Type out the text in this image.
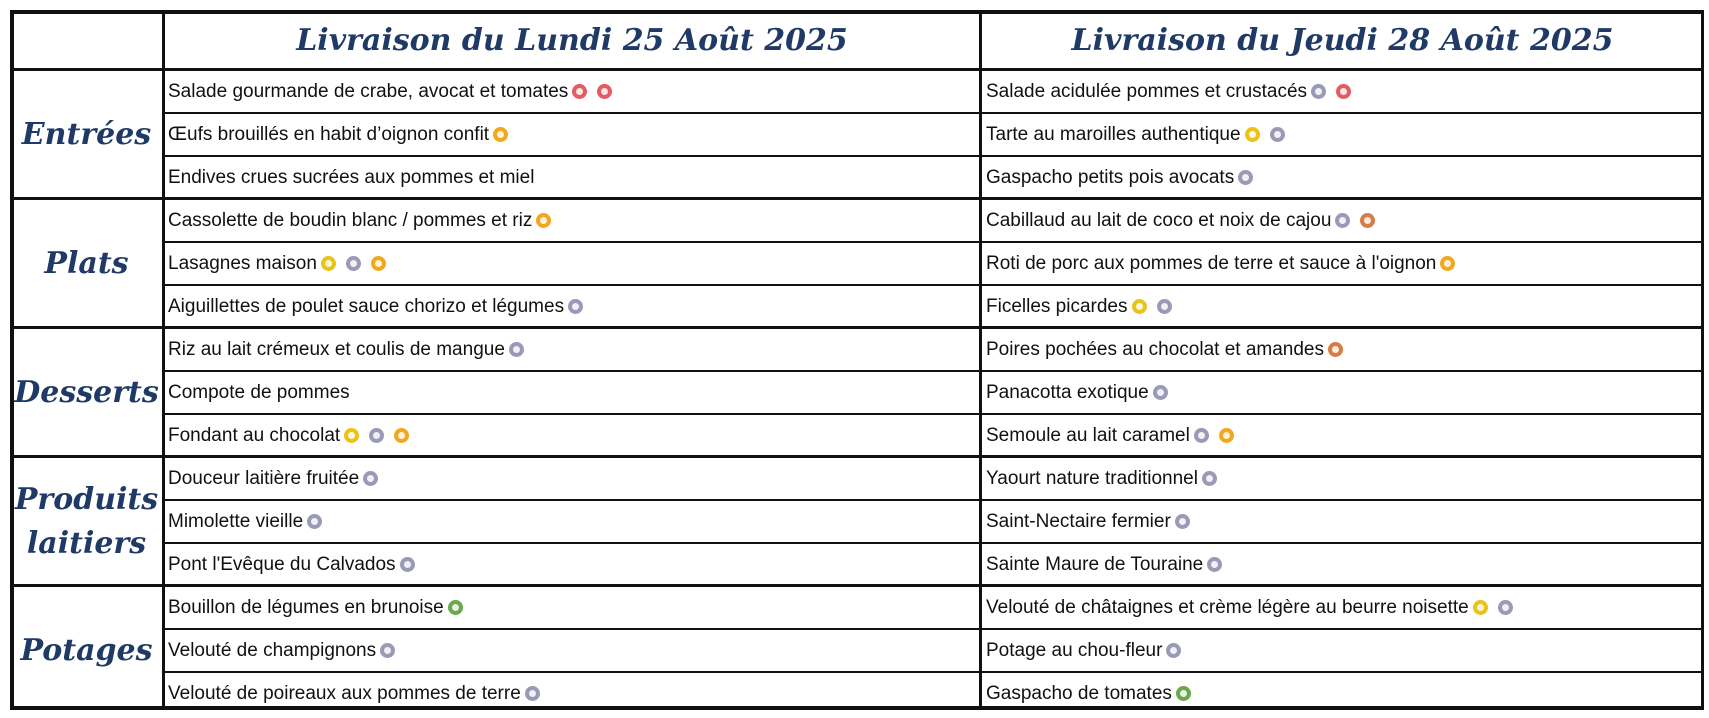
Livraison du Lundi 25 Août 2025	Livraison du Jeudi 28 Août 2025
Entrées
Salade gourmande de crabe, avocat et tomates	Salade acidulée pommes et crustacés
Œufs brouillés en habit d’oignon confit	Tarte au maroilles authentique
Endives crues sucrées aux pommes et miel	Gaspacho petits pois avocats
Plats
Cassolette de boudin blanc / pommes et riz	Cabillaud au lait de coco et noix de cajou
Lasagnes maison	Roti de porc aux pommes de terre et sauce à l'oignon
Aiguillettes de poulet sauce chorizo et légumes	Ficelles picardes
Desserts
Riz au lait crémeux et coulis de mangue	Poires pochées au chocolat et amandes
Compote de pommes	Panacotta exotique
Fondant au chocolat	Semoule au lait caramel
Produits laitiers
Douceur laitière fruitée	Yaourt nature traditionnel
Mimolette vieille	Saint-Nectaire fermier
Pont l'Evêque du Calvados	Sainte Maure de Touraine
Potages
Bouillon de légumes en brunoise	Velouté de châtaignes et crème légère au beurre noisette
Velouté de champignons	Potage au chou-fleur
Velouté de poireaux aux pommes de terre	Gaspacho de tomates
